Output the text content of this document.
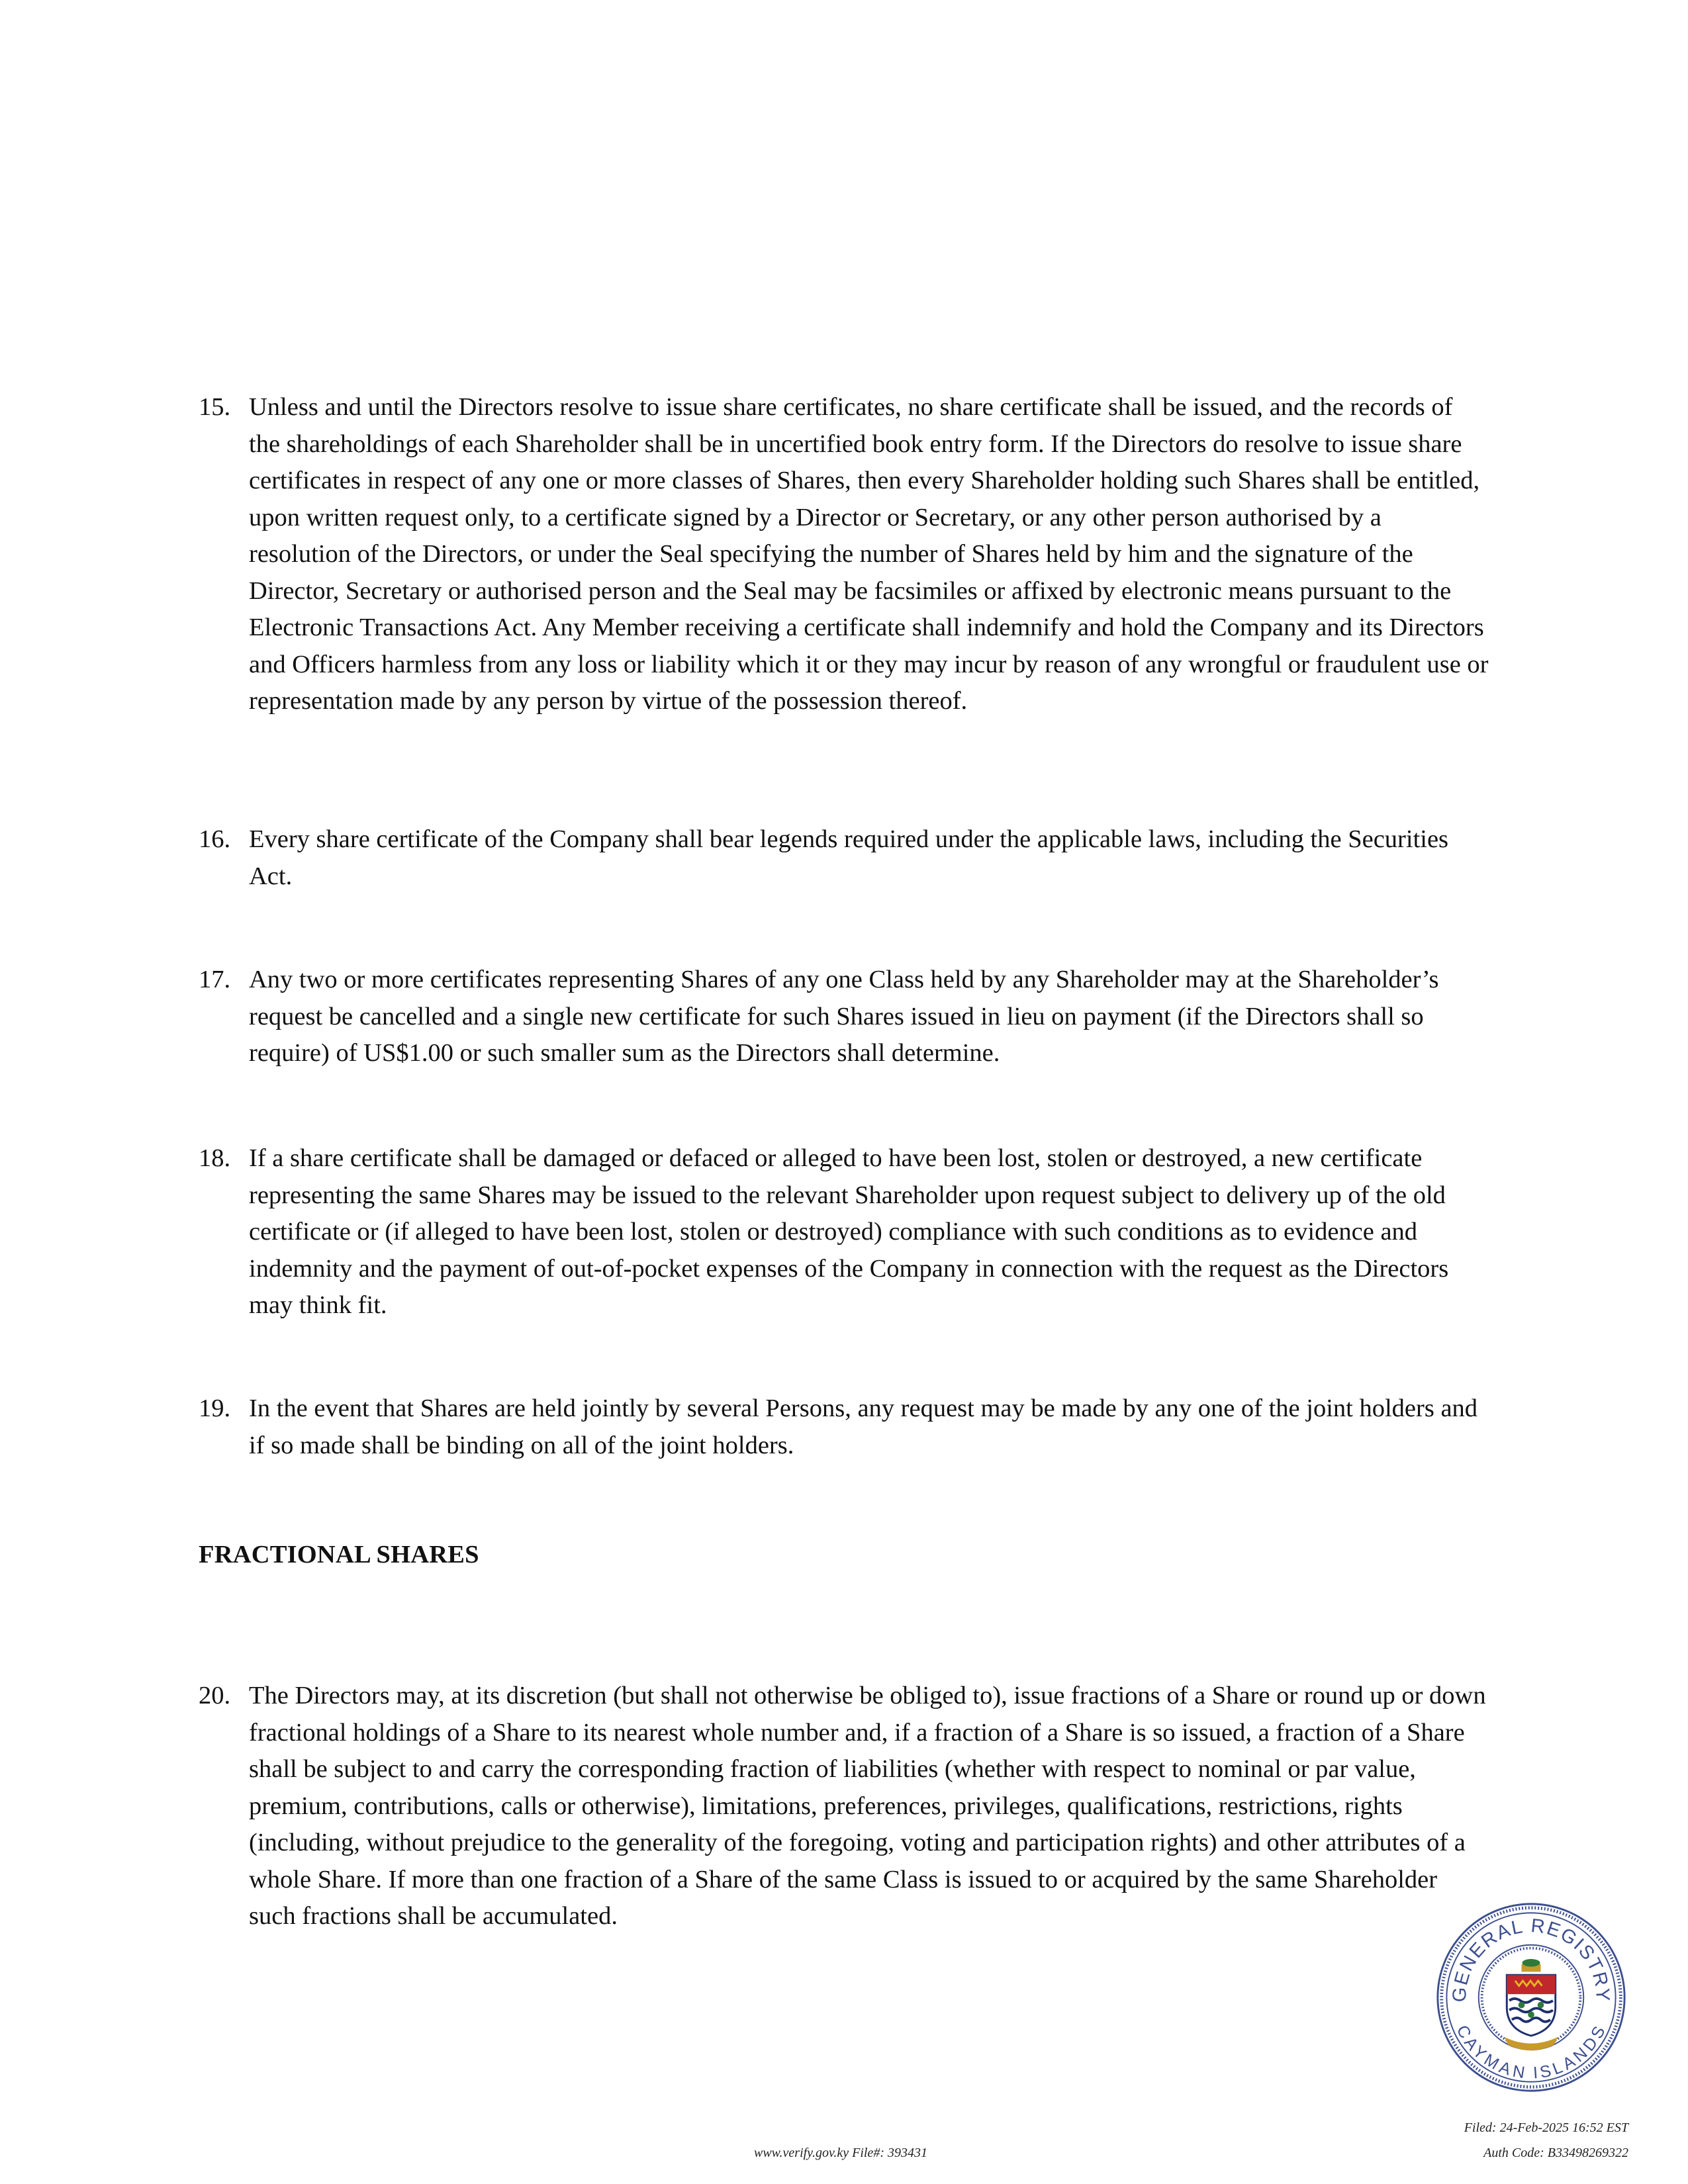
15. Unless and until the Directors resolve to issue share certificates, no share certificate shall be issued, and the records of the shareholdings of each Shareholder shall be in uncertified book entry form. If the Directors do resolve to issue share certificates in respect of any one or more classes of Shares, then every Shareholder holding such Shares shall be entitled, upon written request only, to a certificate signed by a Director or Secretary, or any other person authorised by a resolution of the Directors, or under the Seal specifying the number of Shares held by him and the signature of the Director, Secretary or authorised person and the Seal may be facsimiles or affixed by electronic means pursuant to the Electronic Transactions Act. Any Member receiving a certificate shall indemnify and hold the Company and its Directors and Officers harmless from any loss or liability which it or they may incur by reason of any wrongful or fraudulent use or representation made by any person by virtue of the possession thereof.
16. Every share certificate of the Company shall bear legends required under the applicable laws, including the Securities Act.
17. Any two or more certificates representing Shares of any one Class held by any Shareholder may at the Shareholder’s request be cancelled and a single new certificate for such Shares issued in lieu on payment (if the Directors shall so require) of US$1.00 or such smaller sum as the Directors shall determine.
18. If a share certificate shall be damaged or defaced or alleged to have been lost, stolen or destroyed, a new certificate representing the same Shares may be issued to the relevant Shareholder upon request subject to delivery up of the old certificate or (if alleged to have been lost, stolen or destroyed) compliance with such conditions as to evidence and indemnity and the payment of out-of-pocket expenses of the Company in connection with the request as the Directors may think fit.
19. In the event that Shares are held jointly by several Persons, any request may be made by any one of the joint holders and if so made shall be binding on all of the joint holders.
FRACTIONAL SHARES
20. The Directors may, at its discretion (but shall not otherwise be obliged to), issue fractions of a Share or round up or down fractional holdings of a Share to its nearest whole number and, if a fraction of a Share is so issued, a fraction of a Share shall be subject to and carry the corresponding fraction of liabilities (whether with respect to nominal or par value, premium, contributions, calls or otherwise), limitations, preferences, privileges, qualifications, restrictions, rights (including, without prejudice to the generality of the foregoing, voting and participation rights) and other attributes of a whole Share. If more than one fraction of a Share of the same Class is issued to or acquired by the same Shareholder such fractions shall be accumulated.
GENERAL REGISTRY
CAYMAN ISLANDS
www.verify.gov.ky File#: 393431
Filed: 24-Feb-2025 16:52 EST
Auth Code: B33498269322
